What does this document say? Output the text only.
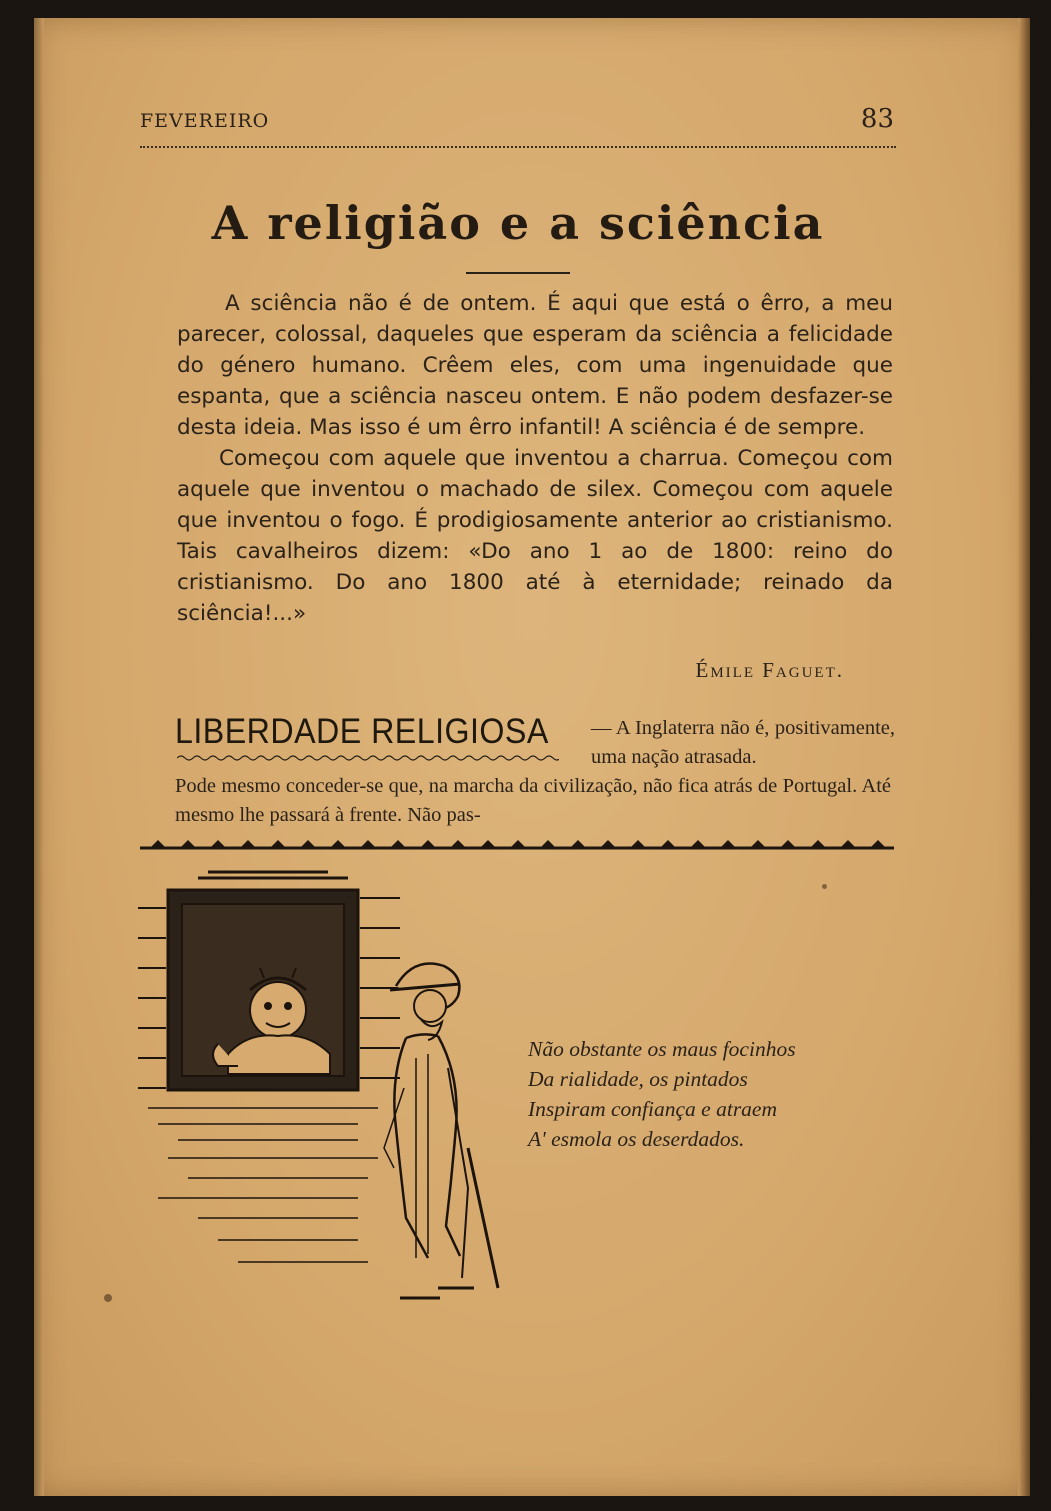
FEVEREIRO	83
A religião e a sciência

A sciência não é de ontem. É aqui que está o êrro, a meu parecer, colossal, daqueles que esperam da sciência a felicidade do género humano. Crêem eles, com uma ingenuidade que espanta, que a sciência nasceu ontem. E não podem desfazer-se desta ideia. Mas isso é um êrro infantil! A sciência é de sempre.

Começou com aquele que inventou a charrua. Começou com aquele que inventou o machado de silex. Começou com aquele que inventou o fogo. É prodigiosamente anterior ao cristianismo. Tais cavalheiros dizem: «Do ano 1 ao de 1800: reino do cristianismo. Do ano 1800 até à eternidade; reinado da sciência!...»

Émile Faguet.
LIBERDADE RELIGIOSA — A Inglaterra não é, positivamente, uma nação atrasada.
Pode mesmo conceder-se que, na marcha da civilização, não fica atrás de Portugal. Até mesmo lhe passará à frente. Não pas-
Não obstante os maus focinhos
Da rialidade, os pintados
Inspiram confiança e atraem
A' esmola os deserdados.
